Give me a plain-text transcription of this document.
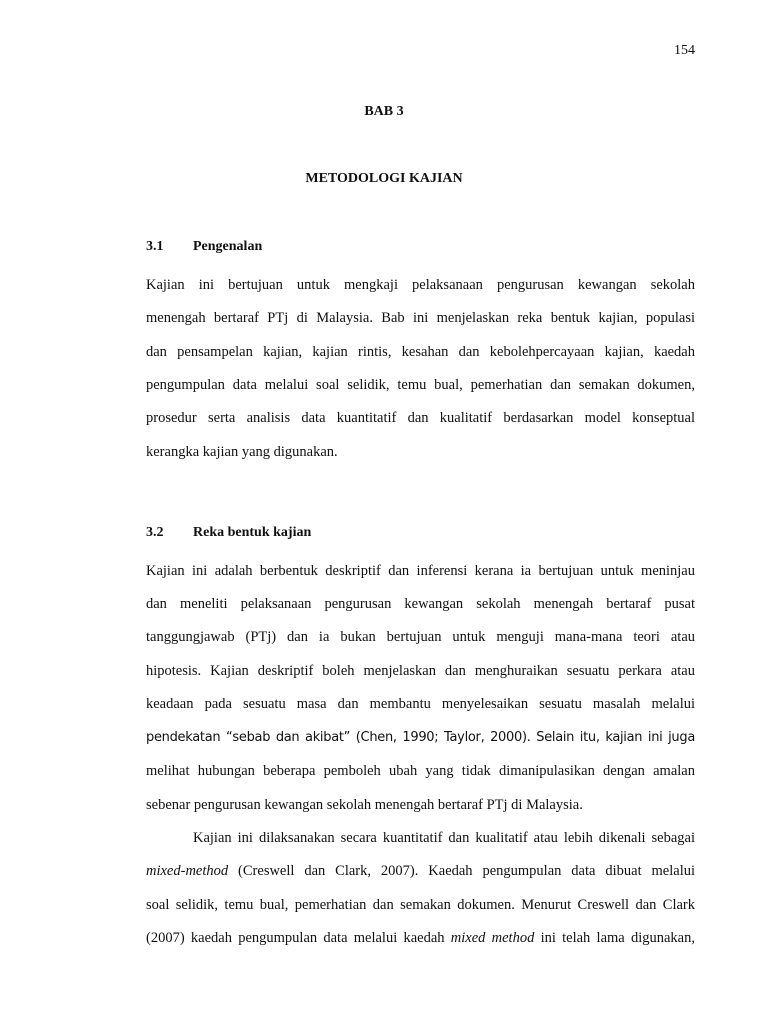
154
BAB 3
METODOLOGI KAJIAN
3.1 Pengenalan
Kajian ini bertujuan untuk mengkaji pelaksanaan pengurusan kewangan sekolah
menengah bertaraf PTj di Malaysia. Bab ini menjelaskan reka bentuk kajian, populasi
dan pensampelan kajian, kajian rintis, kesahan dan kebolehpercayaan kajian, kaedah
pengumpulan data melalui soal selidik, temu bual, pemerhatian dan semakan dokumen,
prosedur serta analisis data kuantitatif dan kualitatif berdasarkan model konseptual
kerangka kajian yang digunakan.
3.2 Reka bentuk kajian
Kajian ini adalah berbentuk deskriptif dan inferensi kerana ia bertujuan untuk meninjau
dan meneliti pelaksanaan pengurusan kewangan sekolah menengah bertaraf pusat
tanggungjawab (PTj) dan ia bukan bertujuan untuk menguji mana-mana teori atau
hipotesis. Kajian deskriptif boleh menjelaskan dan menghuraikan sesuatu perkara atau
keadaan pada sesuatu masa dan membantu menyelesaikan sesuatu masalah melalui
pendekatan “sebab dan akibat” (Chen, 1990; Taylor, 2000). Selain itu, kajian ini juga
melihat hubungan beberapa pemboleh ubah yang tidak dimanipulasikan dengan amalan
sebenar pengurusan kewangan sekolah menengah bertaraf PTj di Malaysia.
Kajian ini dilaksanakan secara kuantitatif dan kualitatif atau lebih dikenali sebagai
mixed-method (Creswell dan Clark, 2007). Kaedah pengumpulan data dibuat melalui
soal selidik, temu bual, pemerhatian dan semakan dokumen. Menurut Creswell dan Clark
(2007) kaedah pengumpulan data melalui kaedah mixed method ini telah lama digunakan,
